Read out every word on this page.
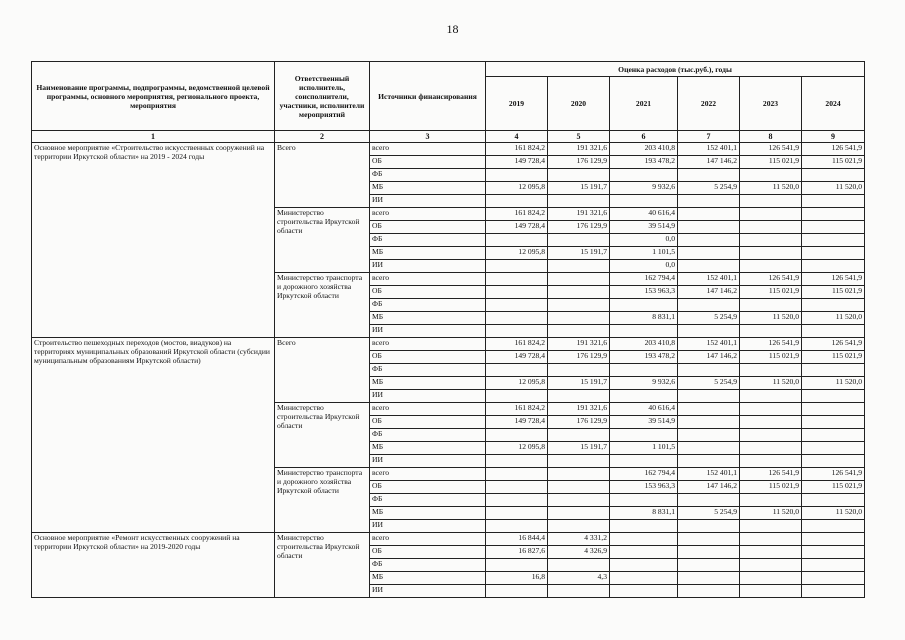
18
Наименование программы, подпрограммы, ведомственной целевой программы, основного мероприятия, регионального проекта, мероприятия	Ответственный исполнитель, соисполнители, участники, исполнители мероприятий	Источники финансирования	Оценка расходов (тыс.руб.), годы					
			2019	2020	2021	2022	2023	2024
1	2	3	4	5	6	7	8	9
Основное мероприятие «Строительство искусственных сооружений на территории Иркутской области» на 2019 - 2024 годы	Всего	всего	161 824,2	191 321,6	203 410,8	152 401,1	126 541,9	126 541,9
		ОБ	149 728,4	176 129,9	193 478,2	147 146,2	115 021,9	115 021,9
		ФБ						
		МБ	12 095,8	15 191,7	9 932,6	5 254,9	11 520,0	11 520,0
		ИИ						
	Министерство строительства Иркутской области	всего	161 824,2	191 321,6	40 616,4			
		ОБ	149 728,4	176 129,9	39 514,9			
		ФБ			0,0			
		МБ	12 095,8	15 191,7	1 101,5			
		ИИ			0,0			
	Министерство транспорта и дорожного хозяйства Иркутской области	всего			162 794,4	152 401,1	126 541,9	126 541,9
		ОБ			153 963,3	147 146,2	115 021,9	115 021,9
		ФБ						
		МБ			8 831,1	5 254,9	11 520,0	11 520,0
		ИИ						
Строительство пешеходных переходов (мостов, виадуков) на территориях муниципальных образований Иркутской области (субсидии муниципальным образованиям Иркутской области)	Всего	всего	161 824,2	191 321,6	203 410,8	152 401,1	126 541,9	126 541,9
		ОБ	149 728,4	176 129,9	193 478,2	147 146,2	115 021,9	115 021,9
		ФБ						
		МБ	12 095,8	15 191,7	9 932,6	5 254,9	11 520,0	11 520,0
		ИИ						
	Министерство строительства Иркутской области	всего	161 824,2	191 321,6	40 616,4			
		ОБ	149 728,4	176 129,9	39 514,9			
		ФБ						
		МБ	12 095,8	15 191,7	1 101,5			
		ИИ						
	Министерство транспорта и дорожного хозяйства Иркутской области	всего			162 794,4	152 401,1	126 541,9	126 541,9
		ОБ			153 963,3	147 146,2	115 021,9	115 021,9
		ФБ						
		МБ			8 831,1	5 254,9	11 520,0	11 520,0
		ИИ						
Основное мероприятие «Ремонт искусственных сооружений на территории Иркутской области» на 2019-2020 годы	Министерство строительства Иркутской области	всего	16 844,4	4 331,2				
		ОБ	16 827,6	4 326,9				
		ФБ						
		МБ	16,8	4,3				
		ИИ						
